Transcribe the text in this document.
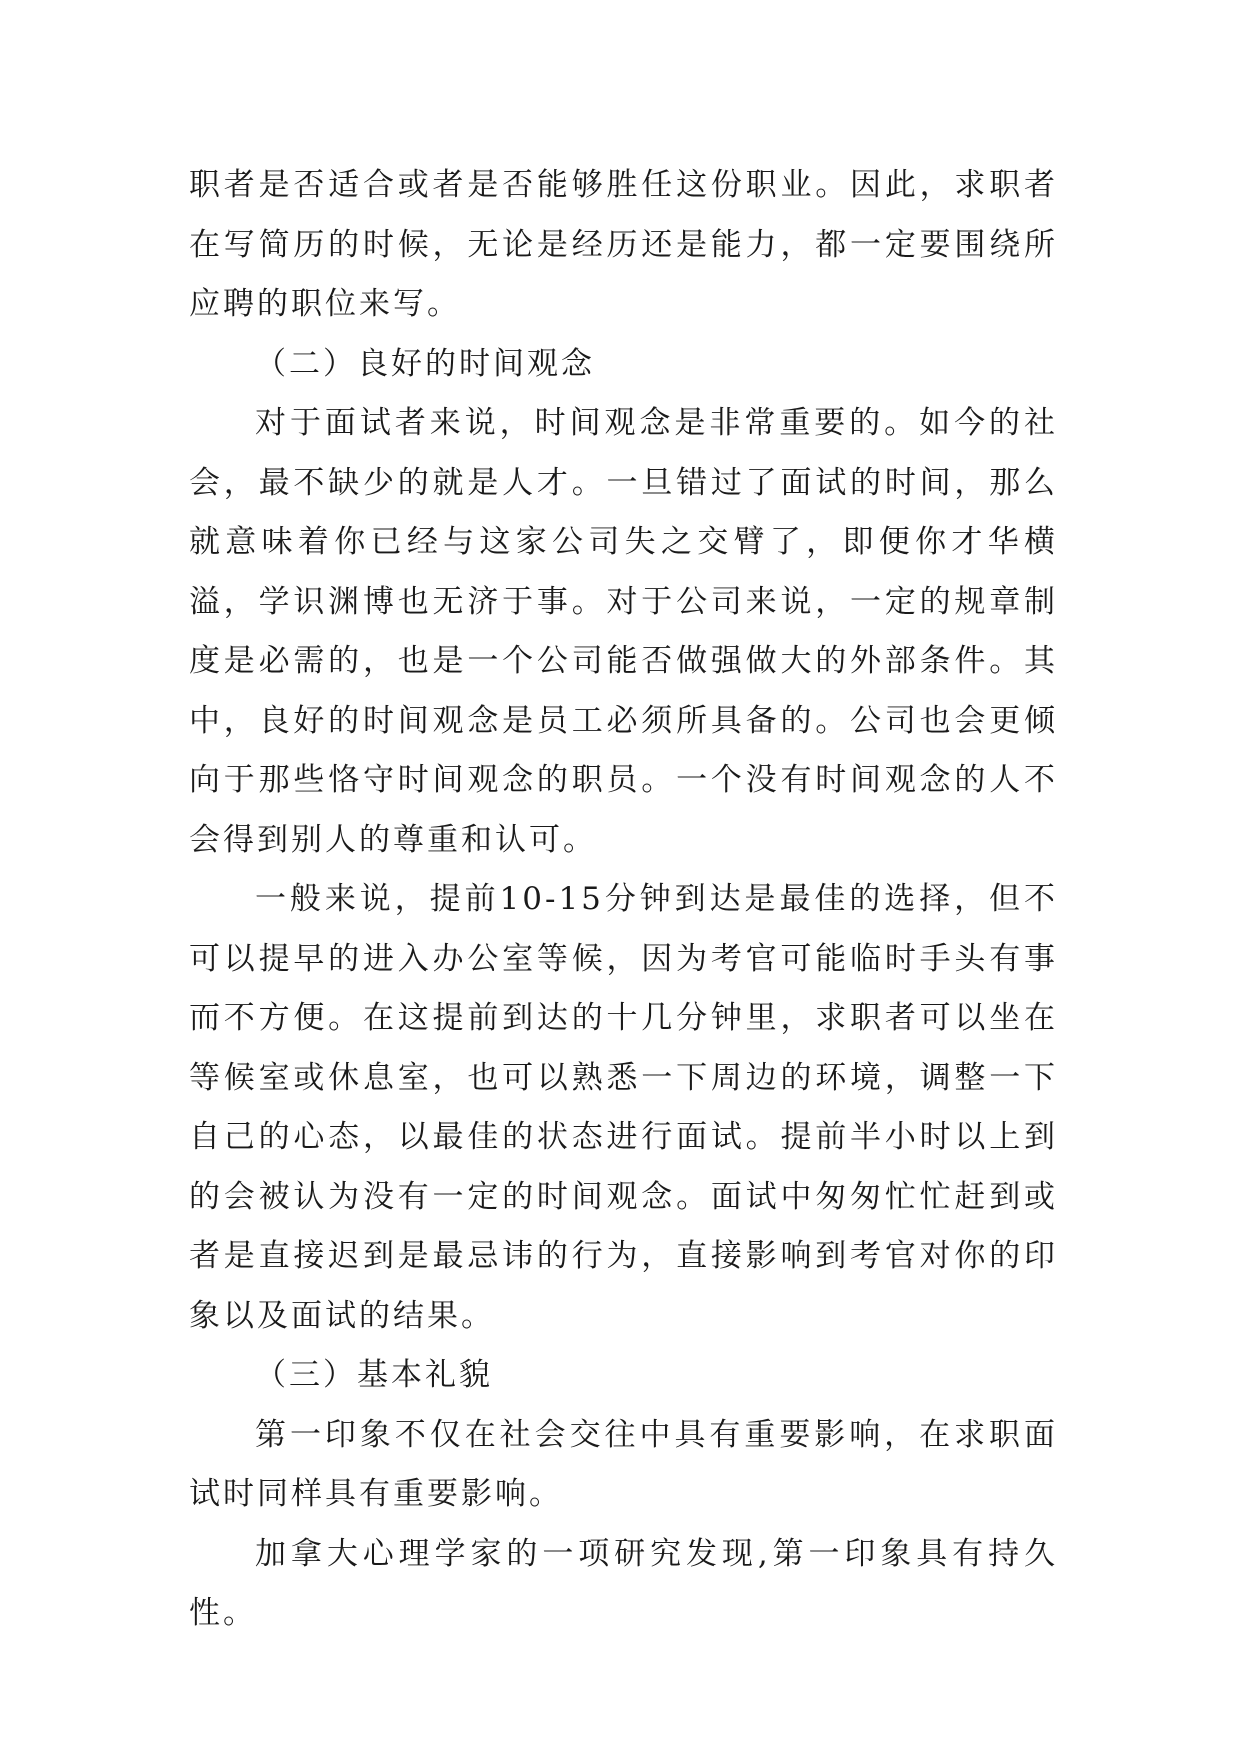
职者是否适合或者是否能够胜任这份职业。因此，求职者在写简历的时候，无论是经历还是能力，都一定要围绕所应聘的职位来写。

（二）良好的时间观念

对于面试者来说，时间观念是非常重要的。如今的社会，最不缺少的就是人才。一旦错过了面试的时间，那么就意味着你已经与这家公司失之交臂了，即便你才华横溢，学识渊博也无济于事。对于公司来说，一定的规章制度是必需的，也是一个公司能否做强做大的外部条件。其中，良好的时间观念是员工必须所具备的。公司也会更倾向于那些恪守时间观念的职员。一个没有时间观念的人不会得到别人的尊重和认可。

一般来说，提前10-15分钟到达是最佳的选择，但不可以提早的进入办公室等候，因为考官可能临时手头有事而不方便。在这提前到达的十几分钟里，求职者可以坐在等候室或休息室，也可以熟悉一下周边的环境，调整一下自己的心态，以最佳的状态进行面试。提前半小时以上到的会被认为没有一定的时间观念。面试中匆匆忙忙赶到或者是直接迟到是最忌讳的行为，直接影响到考官对你的印象以及面试的结果。

（三）基本礼貌

第一印象不仅在社会交往中具有重要影响，在求职面试时同样具有重要影响。

加拿大心理学家的一项研究发现,第一印象具有持久性。
